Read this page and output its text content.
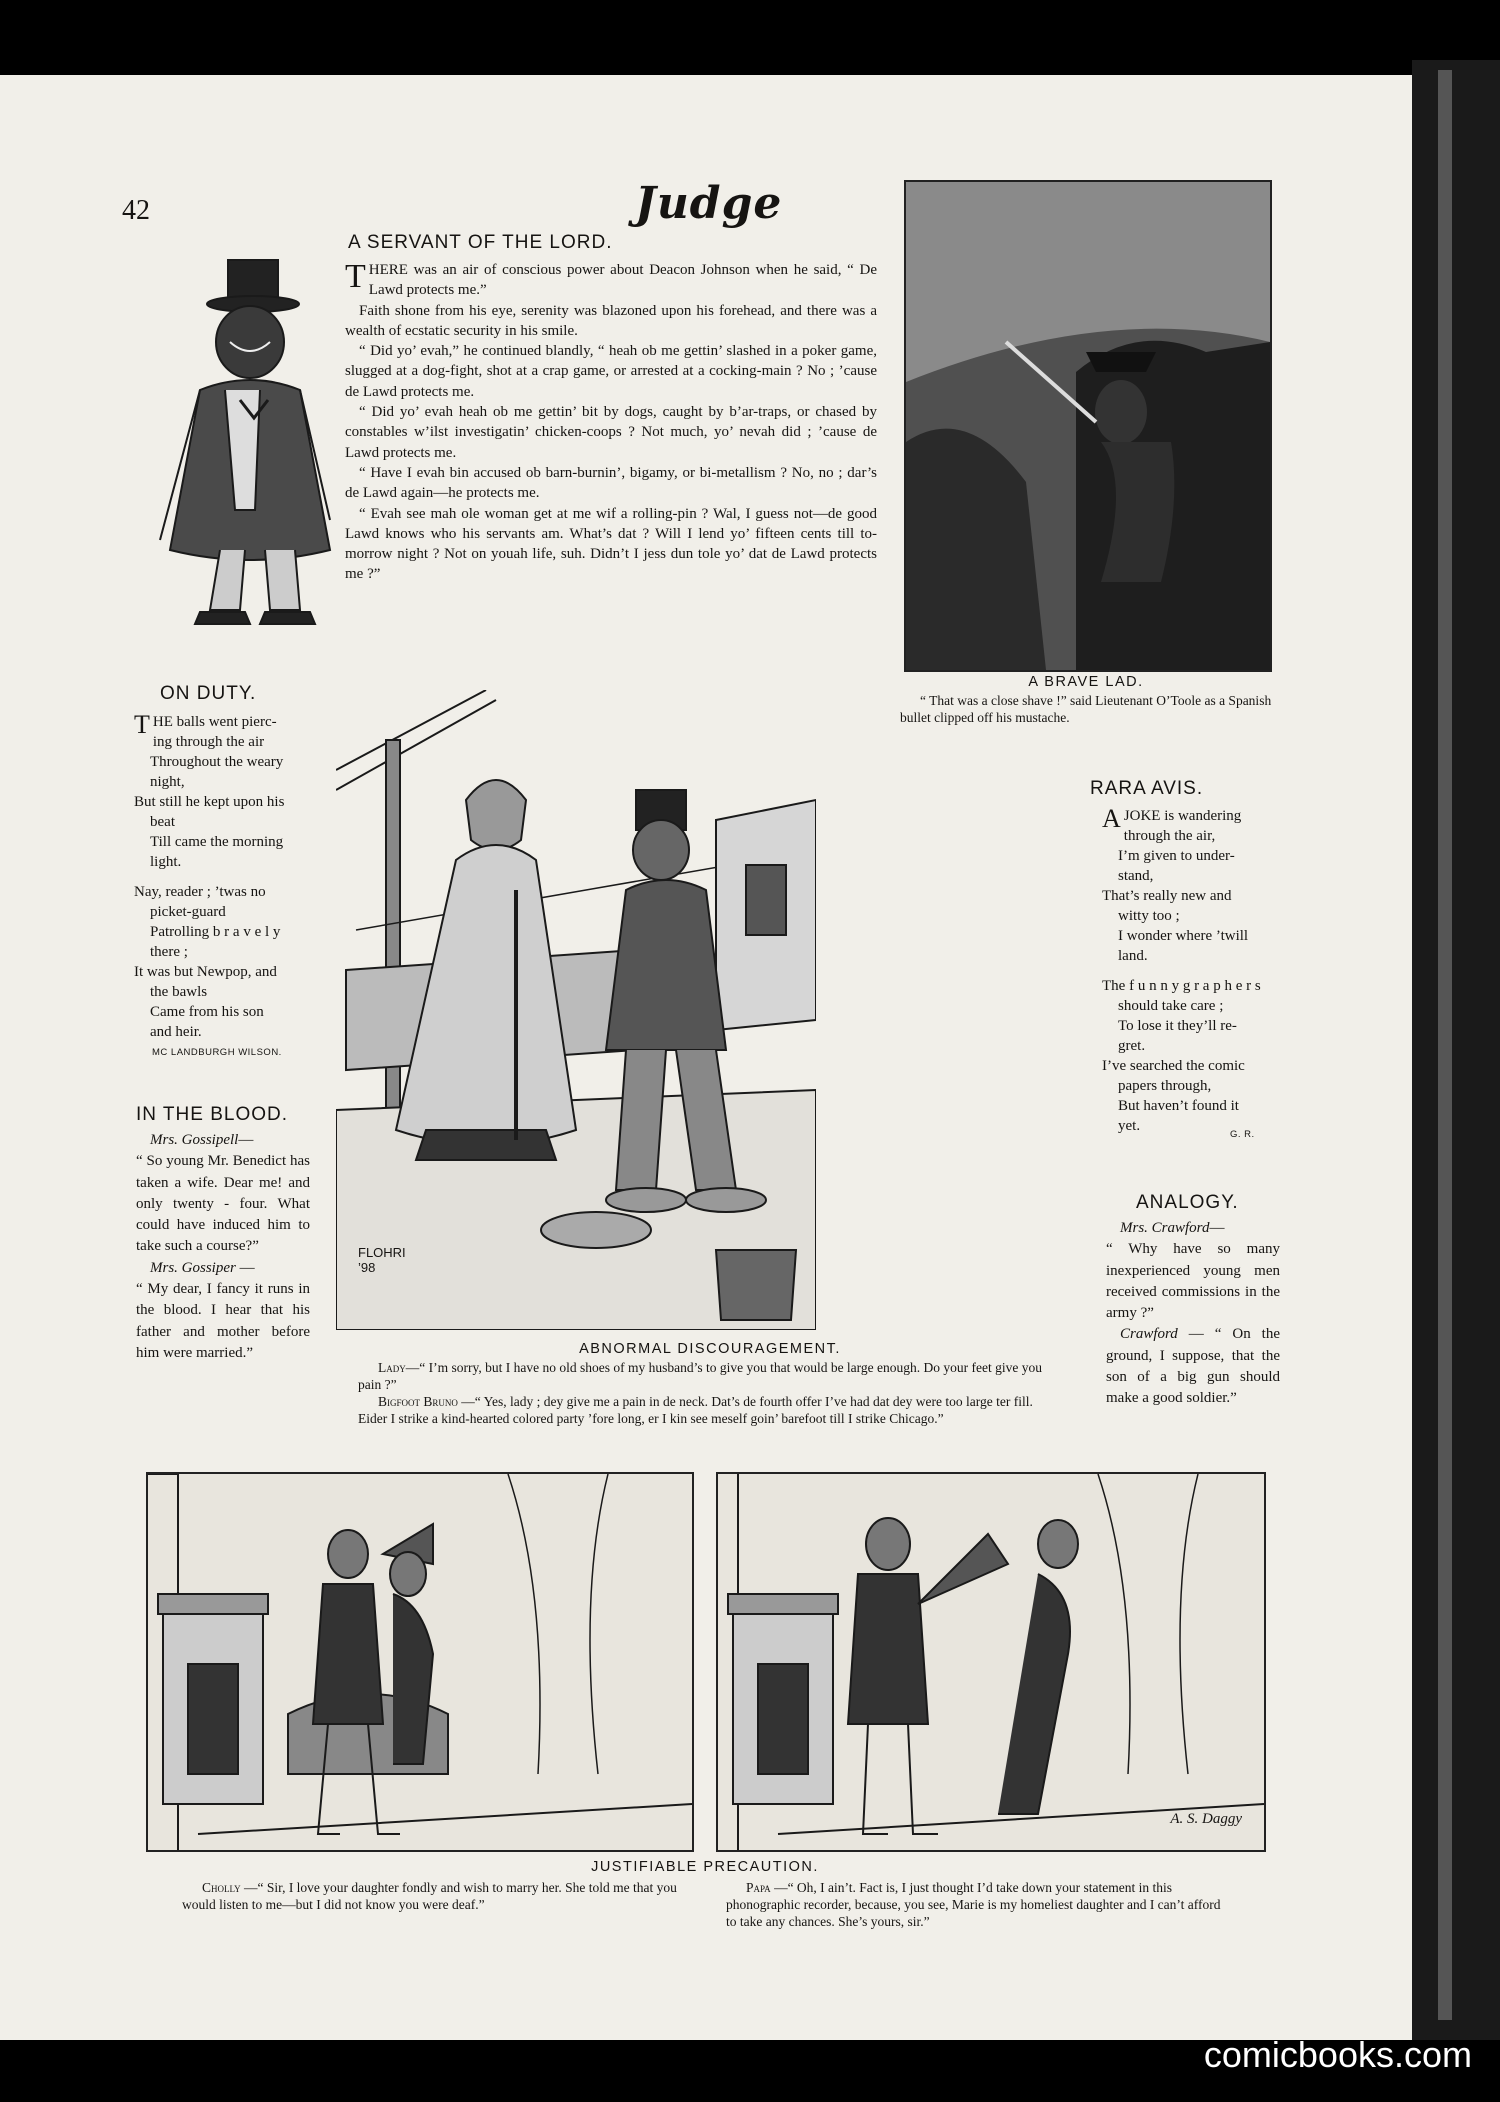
42	Judge
A SERVANT OF THE LORD.

THERE was an air of conscious power about Deacon Johnson when he said, “ De Lawd protects me.”

Faith shone from his eye, serenity was blazoned upon his forehead, and there was a wealth of ecstatic security in his smile.

“ Did yo’ evah,” he continued blandly, “ heah ob me gettin’ slashed in a poker game, slugged at a dog-fight, shot at a crap game, or arrested at a cocking-main ? No ; ’cause de Lawd protects me.

“ Did yo’ evah heah ob me gettin’ bit by dogs, caught by b’ar-traps, or chased by constables w’ilst investigatin’ chicken-coops ? Not much, yo’ nevah did ; ’cause de Lawd protects me.

“ Have I evah bin accused ob barn-burnin’, bigamy, or bi-metallism ? No, no ; dar’s de Lawd again—he protects me.

“ Evah see mah ole woman get at me wif a rolling-pin ? Wal, I guess not—de good Lawd knows who his servants am. What’s dat ? Will I lend yo’ fifteen cents till to-morrow night ? Not on youah life, suh. Didn’t I jess dun tole yo’ dat de Lawd protects me ?”

A BRAVE LAD.
“ That was a close shave !” said Lieutenant O’Toole as a Spanish bullet clipped off his mustache.
ON DUTY.
THE balls went pierc-
ing through the air
Throughout the weary
night,
But still he kept upon his
beat
Till came the morning
light.
Nay, reader ; ’twas no
picket-guard
Patrolling b r a v e l y
there ;
It was but Newpop, and
the bawls
Came from his son
and heir.
MC LANDBURGH WILSON.
IN THE BLOOD.

Mrs. Gossipell—

“ So young Mr. Benedict has taken a wife. Dear me! and only twenty - four. What could have induced him to take such a course?”

Mrs. Gossiper —

“ My dear, I fancy it runs in the blood. I hear that his father and mother before him were married.”

FLOHRI ’98
RARA AVIS.
AJOKE is wandering
through the air,
I’m given to under-
stand,
That’s really new and
witty too ;
I wonder where ’twill
land.
The f u n n y g r a p h e r s
should take care ;
To lose it they’ll re-
gret.
I’ve searched the comic
papers through,
But haven’t found it
yet.
G. R.
ANALOGY.

Mrs. Crawford—

“ Why have so many inexperienced young men received commissions in the army ?”

Crawford — “ On the ground, I suppose, that the son of a big gun should make a good soldier.”

ABNORMAL DISCOURAGEMENT.

Lady—“ I’m sorry, but I have no old shoes of my husband’s to give you that would be large enough. Do your feet give you pain ?”

Bigfoot Bruno —“ Yes, lady ; dey give me a pain in de neck. Dat’s de fourth offer I’ve had dat dey were too large ter fill. Eider I strike a kind-hearted colored party ’fore long, er I kin see meself goin’ barefoot till I strike Chicago.”

A. S. Daggy
JUSTIFIABLE PRECAUTION.

Cholly —“ Sir, I love your daughter fondly and wish to marry her. She told me that you would listen to me—but I did not know you were deaf.”

Papa —“ Oh, I ain’t. Fact is, I just thought I’d take down your statement in this phonographic recorder, because, you see, Marie is my homeliest daughter and I can’t afford to take any chances. She’s yours, sir.”

comicbooks.com
